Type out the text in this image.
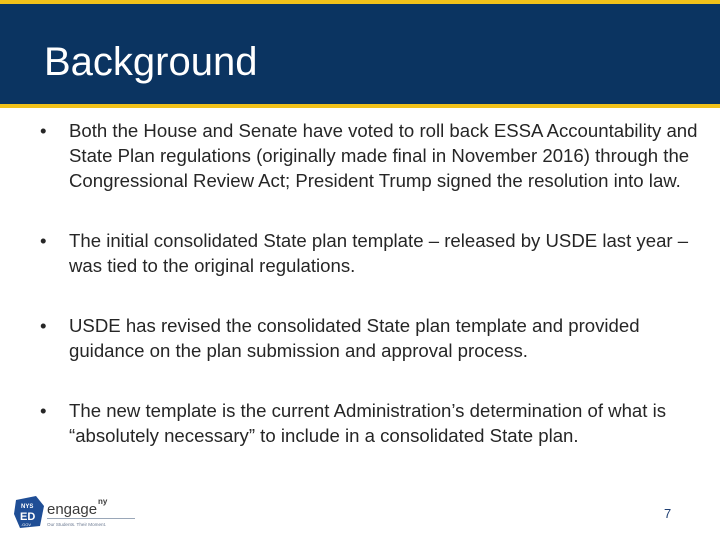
Background
• Both the House and Senate have voted to roll back ESSA Accountability and State Plan regulations (originally made final in November 2016) through the Congressional Review Act; President Trump signed the resolution into law.
• The initial consolidated State plan template – released by USDE last year – was tied to the original regulations.
• USDE has revised the consolidated State plan template and provided guidance on the plan submission and approval process.
• The new template is the current Administration’s determination of what is “absolutely necessary” to include in a consolidated State plan.
NYS
ED
.GOV
engage ny
Our Students. Their Moment.
7
